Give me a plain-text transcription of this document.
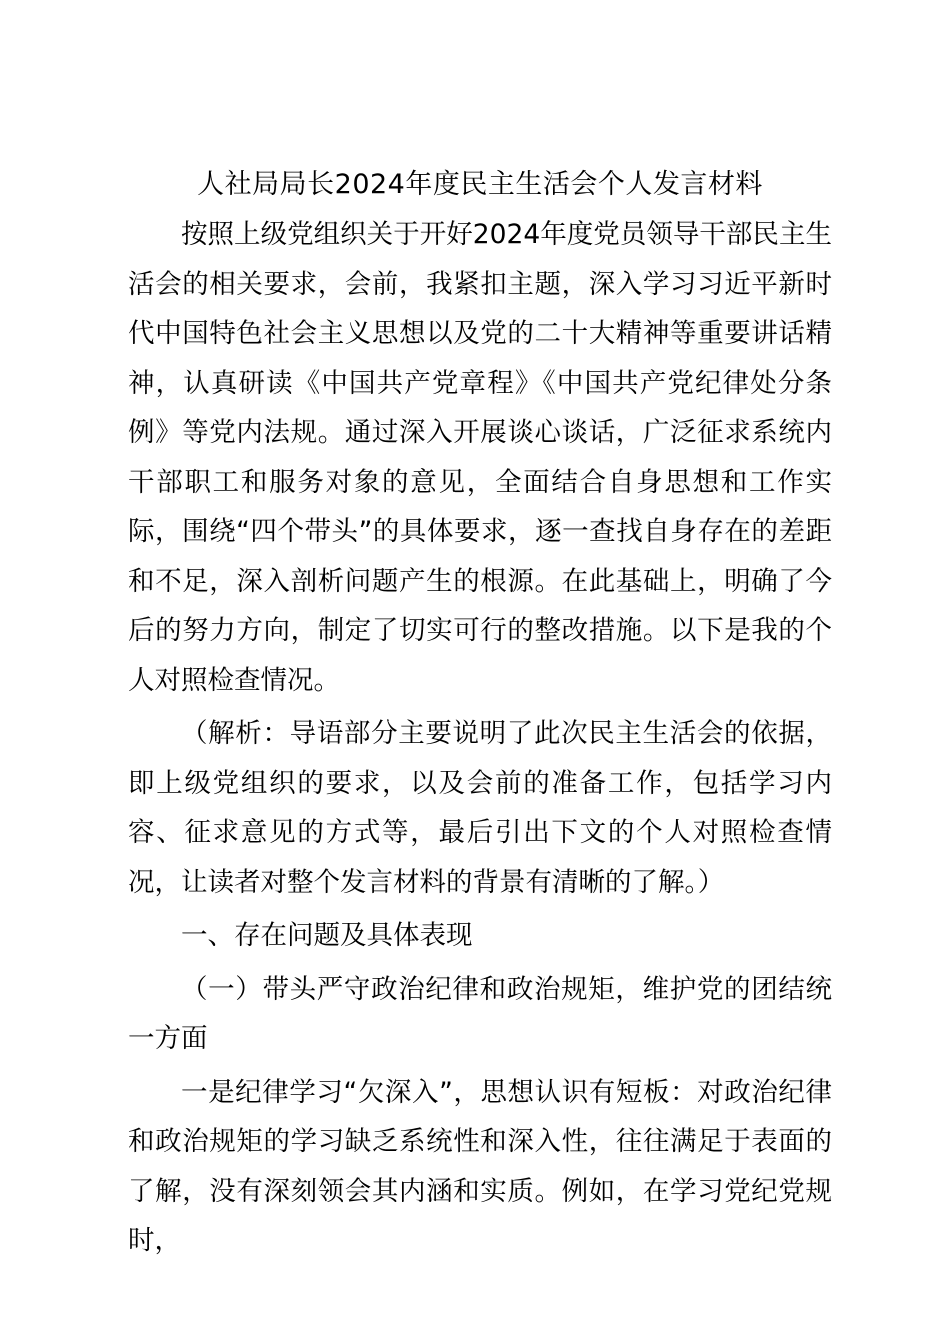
人社局局长2024年度民主生活会个人发言材料

按照上级党组织关于开好2024年度党员领导干部民主生活会的相关要求，会前，我紧扣主题，深入学习习近平新时代中国特色社会主义思想以及党的二十大精神等重要讲话精神，认真研读《中国共产党章程》《中国共产党纪律处分条例》等党内法规。通过深入开展谈心谈话，广泛征求系统内干部职工和服务对象的意见，全面结合自身思想和工作实际，围绕“四个带头”的具体要求，逐一查找自身存在的差距和不足，深入剖析问题产生的根源。在此基础上，明确了今后的努力方向，制定了切实可行的整改措施。以下是我的个人对照检查情况。

（解析：导语部分主要说明了此次民主生活会的依据，即上级党组织的要求，以及会前的准备工作，包括学习内容、征求意见的方式等，最后引出下文的个人对照检查情况，让读者对整个发言材料的背景有清晰的了解。）

一、存在问题及具体表现

（一）带头严守政治纪律和政治规矩，维护党的团结统一方面

一是纪律学习“欠深入”，思想认识有短板：对政治纪律和政治规矩的学习缺乏系统性和深入性，往往满足于表面的了解，没有深刻领会其内涵和实质。例如，在学习党纪党规时，
